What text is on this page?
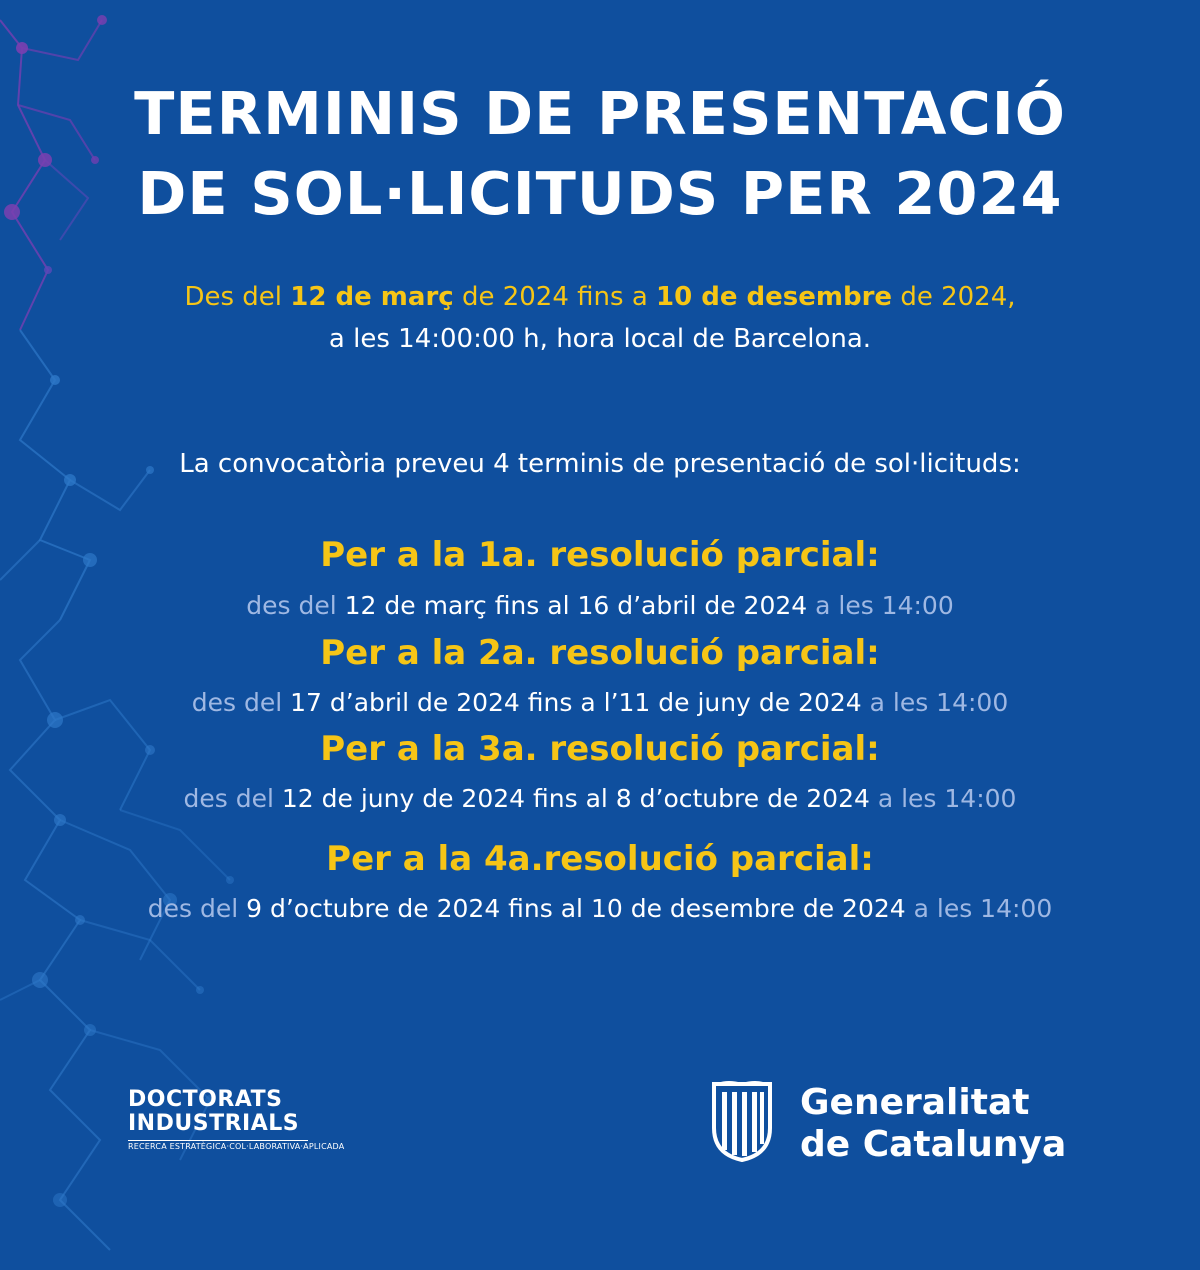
TERMINIS DE PRESENTACIÓ
DE SOL·LICITUDS PER 2024
Des del 12 de març de 2024 fins a 10 de desembre de 2024,
a les 14:00:00 h, hora local de Barcelona.
La convocatòria preveu 4 terminis de presentació de sol·licituds:
Per a la 1a. resolució parcial:
des del 12 de març fins al 16 d’abril de 2024 a les 14:00
Per a la 2a. resolució parcial:
des del 17 d’abril de 2024 fins a l’11 de juny de 2024 a les 14:00
Per a la 3a. resolució parcial:
des del 12 de juny de 2024 fins al 8 d’octubre de 2024 a les 14:00
Per a la 4a.resolució parcial:
des del 9 d’octubre de 2024 fins al 10 de desembre de 2024 a les 14:00
DOCTORATS
INDUSTRIALS
RECERCA ESTRATÈGICA·COL·LABORATIVA·APLICADA
Generalitat
de Catalunya
